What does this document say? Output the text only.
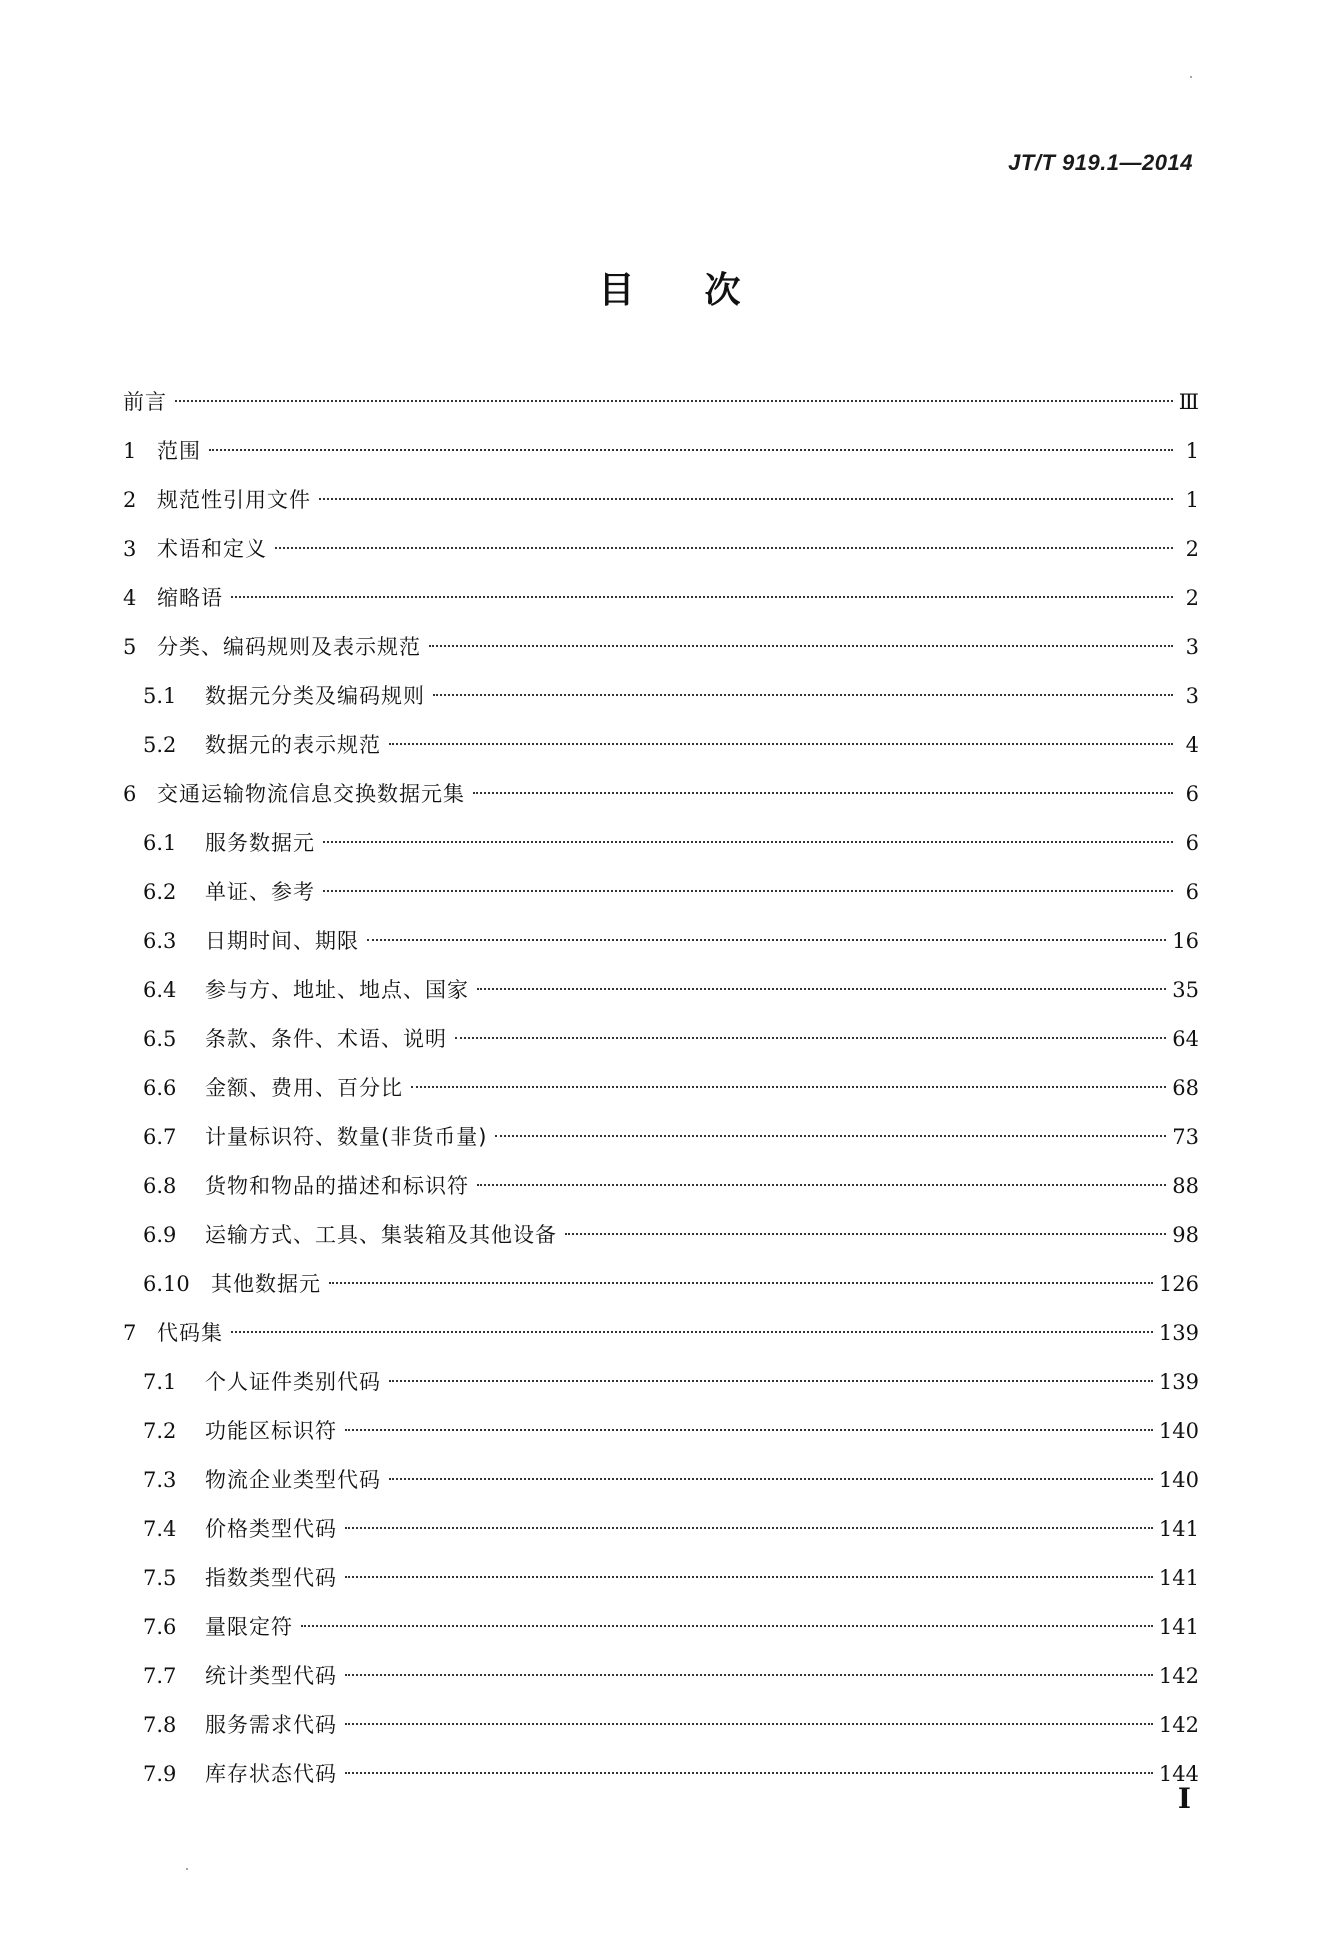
JT/T 919.1—2014
目次
前言	Ⅲ
1 范围	1
2 规范性引用文件	1
3 术语和定义	2
4 缩略语	2
5 分类、编码规则及表示规范	3
5.1	数据元分类及编码规则	3
5.2	数据元的表示规范	4
6 交通运输物流信息交换数据元集	6
6.1	服务数据元	6
6.2	单证、参考	6
6.3	日期时间、期限	16
6.4	参与方、地址、地点、国家	35
6.5	条款、条件、术语、说明	64
6.6	金额、费用、百分比	68
6.7	计量标识符、数量(非货币量)	73
6.8	货物和物品的描述和标识符	88
6.9	运输方式、工具、集装箱及其他设备	98
6.10	其他数据元	126
7 代码集	139
7.1	个人证件类别代码	139
7.2	功能区标识符	140
7.3	物流企业类型代码	140
7.4	价格类型代码	141
7.5	指数类型代码	141
7.6	量限定符	141
7.7	统计类型代码	142
7.8	服务需求代码	142
7.9	库存状态代码	144
I
